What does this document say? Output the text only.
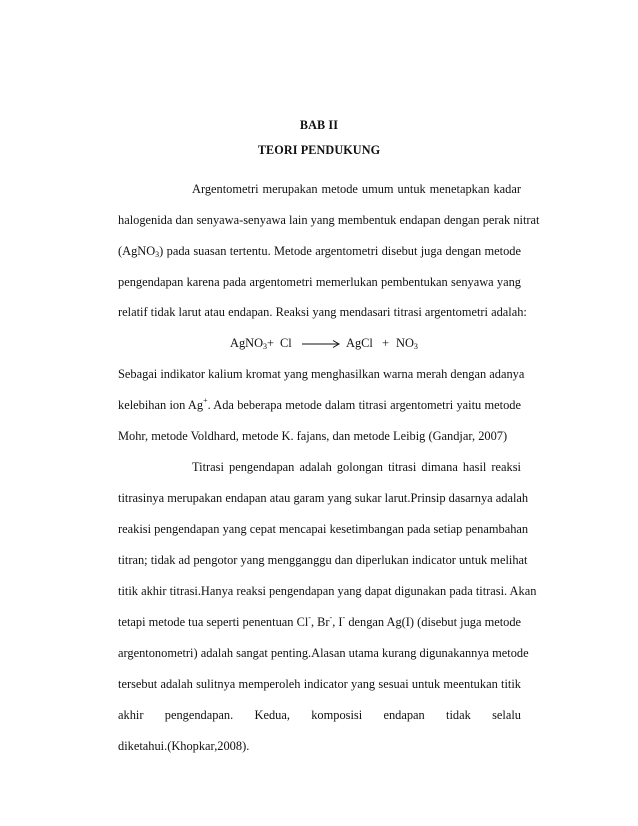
BAB II
TEORI PENDUKUNG
Argentometri merupakan metode umum untuk menetapkan kadar
halogenida dan senyawa-senyawa lain yang membentuk endapan dengan perak nitrat
(AgNO$_3$) pada suasan tertentu. Metode argentometri disebut juga dengan metode
pengendapan karena pada argentometri memerlukan pembentukan senyawa yang
relatif tidak larut atau endapan. Reaksi yang mendasari titrasi argentometri adalah:
AgNO$_3$+ Cl → AgCl + $NO_3$
Sebagai indikator kalium kromat yang menghasilkan warna merah dengan adanya
kelebihan ion Ag+. Ada beberapa metode dalam titrasi argentometri yaitu metode
Mohr, metode Voldhard, metode K. fajans, dan metode Leibig (Gandjar, 2007)
Titrasi pengendapan adalah golongan titrasi dimana hasil reaksi
titrasinya merupakan endapan atau garam yang sukar larut.Prinsip dasarnya adalah
reakisi pengendapan yang cepat mencapai kesetimbangan pada setiap penambahan
titran; tidak ad pengotor yang mengganggu dan diperlukan indicator untuk melihat
titik akhir titrasi.Hanya reaksi pengendapan yang dapat digunakan pada titrasi. Akan
tetapi metode tua seperti penentuan Cl-, Br-, I- dengan Ag(I) (disebut juga metode
argentonometri) adalah sangat penting.Alasan utama kurang digunakannya metode
tersebut adalah sulitnya memperoleh indicator yang sesuai untuk meentukan titik
akhir pengendapan. Kedua, komposisi endapan tidak selalu
diketahui.(Khopkar,2008).
